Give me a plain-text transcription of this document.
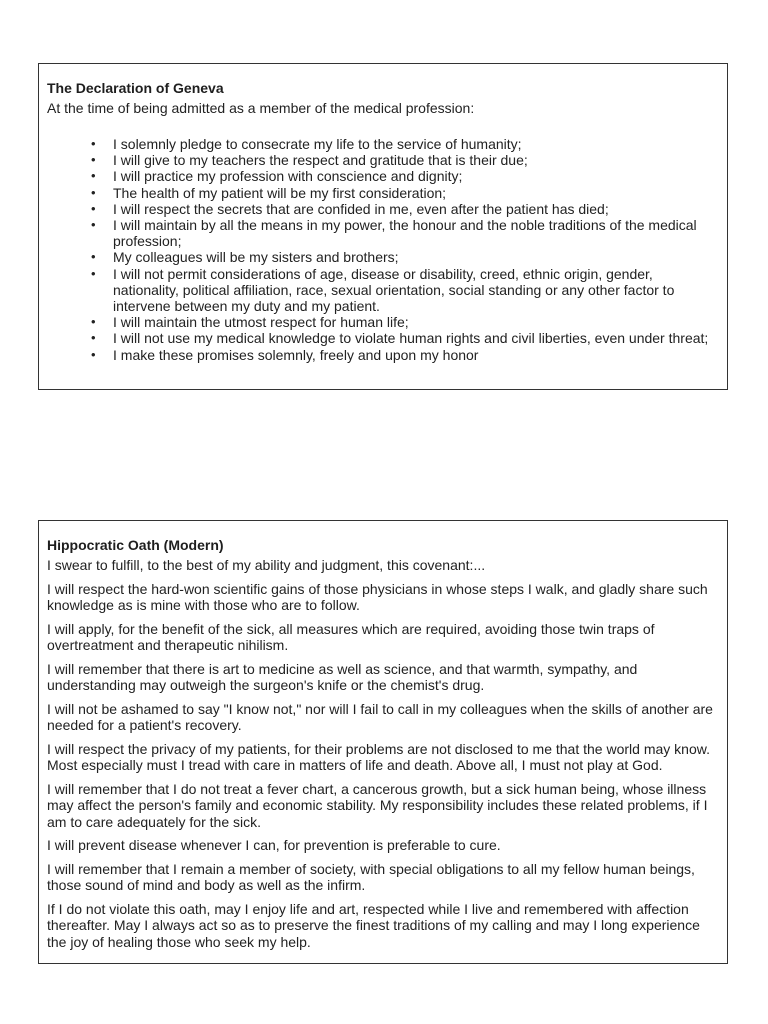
The Declaration of Geneva
At the time of being admitted as a member of the medical profession:
• I solemnly pledge to consecrate my life to the service of humanity;
• I will give to my teachers the respect and gratitude that is their due;
• I will practice my profession with conscience and dignity;
• The health of my patient will be my first consideration;
• I will respect the secrets that are confided in me, even after the patient has died;
• I will maintain by all the means in my power, the honour and the noble traditions of the medical profession;
• My colleagues will be my sisters and brothers;
• I will not permit considerations of age, disease or disability, creed, ethnic origin, gender, nationality, political affiliation, race, sexual orientation, social standing or any other factor to intervene between my duty and my patient.
• I will maintain the utmost respect for human life;
• I will not use my medical knowledge to violate human rights and civil liberties, even under threat;
• I make these promises solemnly, freely and upon my honor
Hippocratic Oath (Modern)

I swear to fulfill, to the best of my ability and judgment, this covenant:...

I will respect the hard-won scientific gains of those physicians in whose steps I walk, and gladly share such knowledge as is mine with those who are to follow.

I will apply, for the benefit of the sick, all measures which are required, avoiding those twin traps of overtreatment and therapeutic nihilism.

I will remember that there is art to medicine as well as science, and that warmth, sympathy, and understanding may outweigh the surgeon's knife or the chemist's drug.

I will not be ashamed to say "I know not," nor will I fail to call in my colleagues when the skills of another are needed for a patient's recovery.

I will respect the privacy of my patients, for their problems are not disclosed to me that the world may know. Most especially must I tread with care in matters of life and death. Above all, I must not play at God.

I will remember that I do not treat a fever chart, a cancerous growth, but a sick human being, whose illness may affect the person's family and economic stability. My responsibility includes these related problems, if I am to care adequately for the sick.

I will prevent disease whenever I can, for prevention is preferable to cure.

I will remember that I remain a member of society, with special obligations to all my fellow human beings, those sound of mind and body as well as the infirm.

If I do not violate this oath, may I enjoy life and art, respected while I live and remembered with affection thereafter. May I always act so as to preserve the finest traditions of my calling and may I long experience the joy of healing those who seek my help.
